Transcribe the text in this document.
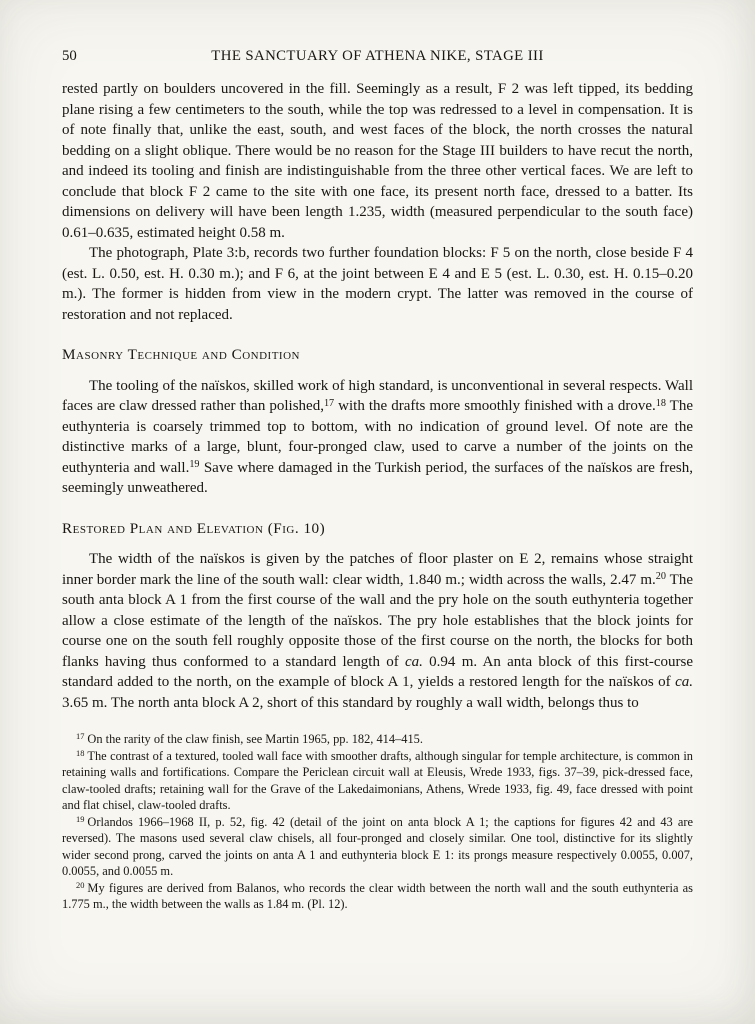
50	THE SANCTUARY OF ATHENA NIKE, STAGE III

rested partly on boulders uncovered in the fill. Seemingly as a result, F 2 was left tipped, its bedding plane rising a few centimeters to the south, while the top was redressed to a level in compensation. It is of note finally that, unlike the east, south, and west faces of the block, the north crosses the natural bedding on a slight oblique. There would be no reason for the Stage III builders to have recut the north, and indeed its tooling and finish are indistinguishable from the three other vertical faces. We are left to conclude that block F 2 came to the site with one face, its present north face, dressed to a batter. Its dimensions on delivery will have been length 1.235, width (measured perpendicular to the south face) 0.61–0.635, estimated height 0.58 m.

The photograph, Plate 3:b, records two further foundation blocks: F 5 on the north, close beside F 4 (est. L. 0.50, est. H. 0.30 m.); and F 6, at the joint between E 4 and E 5 (est. L. 0.30, est. H. 0.15–0.20 m.). The former is hidden from view in the modern crypt. The latter was removed in the course of restoration and not replaced.

Masonry Technique and Condition

The tooling of the naïskos, skilled work of high standard, is unconventional in several respects. Wall faces are claw dressed rather than polished,$^{17}$ with the drafts more smoothly finished with a drove.$^{18}$ The euthynteria is coarsely trimmed top to bottom, with no indication of ground level. Of note are the distinctive marks of a large, blunt, four-pronged claw, used to carve a number of the joints on the euthynteria and wall.$^{19}$ Save where damaged in the Turkish period, the surfaces of the naïskos are fresh, seemingly unweathered.

Restored Plan and Elevation (Fig. 10)

The width of the naïskos is given by the patches of floor plaster on E 2, remains whose straight inner border mark the line of the south wall: clear width, 1.840 m.; width across the walls, 2.47 m.$^{20}$ The south anta block A 1 from the first course of the wall and the pry hole on the south euthynteria together allow a close estimate of the length of the naïskos. The pry hole establishes that the block joints for course one on the south fell roughly opposite those of the first course on the north, the blocks for both flanks having thus conformed to a standard length of ca. 0.94 m. An anta block of this first-course standard added to the north, on the example of block A 1, yields a restored length for the naïskos of ca. 3.65 m. The north anta block A 2, short of this standard by roughly a wall width, belongs thus to

$^{17}$ On the rarity of the claw finish, see Martin 1965, pp. 182, 414–415.

$^{18}$ The contrast of a textured, tooled wall face with smoother drafts, although singular for temple architecture, is common in retaining walls and fortifications. Compare the Periclean circuit wall at Eleusis, Wrede 1933, figs. 37–39, pick-dressed face, claw-tooled drafts; retaining wall for the Grave of the Lakedaimonians, Athens, Wrede 1933, fig. 49, face dressed with point and flat chisel, claw-tooled drafts.

$^{19}$ Orlandos 1966–1968 II, p. 52, fig. 42 (detail of the joint on anta block A 1; the captions for figures 42 and 43 are reversed). The masons used several claw chisels, all four-pronged and closely similar. One tool, distinctive for its slightly wider second prong, carved the joints on anta A 1 and euthynteria block E 1: its prongs measure respectively 0.0055, 0.007, 0.0055, and 0.0055 m.

$^{20}$ My figures are derived from Balanos, who records the clear width between the north wall and the south euthynteria as 1.775 m., the width between the walls as 1.84 m. (Pl. 12).
